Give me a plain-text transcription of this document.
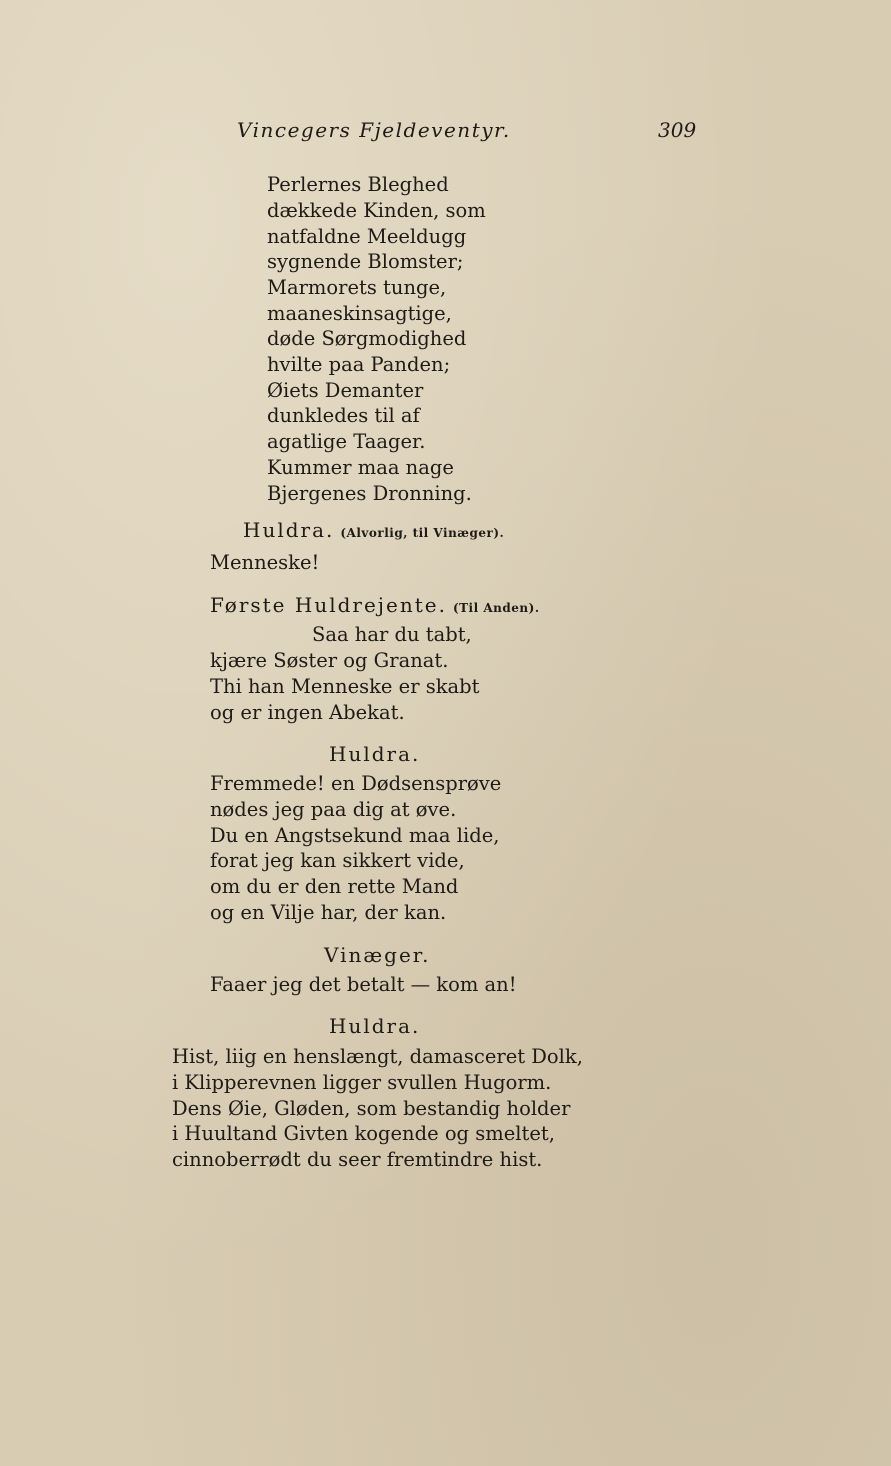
Vincegers Fjeldeventyr.	309
Perlernes Bleghed
dækkede Kinden, som
natfaldne Meeldugg
sygnende Blomster;
Marmorets tunge,
maaneskinsagtige,
døde Sørgmodighed
hvilte paa Panden;
Øiets Demanter
dunkledes til af
agatlige Taager.
Kummer maa nage
Bjergenes Dronning.
Huldra. (Alvorlig, til Vinæger).
Menneske!
Første Huldrejente. (Til Anden).
Saa har du tabt,
kjære Søster og Granat.
Thi han Menneske er skabt
og er ingen Abekat.
Huldra.
Fremmede! en Dødsensprøve
nødes jeg paa dig at øve.
Du en Angstsekund maa lide,
forat jeg kan sikkert vide,
om du er den rette Mand
og en Vilje har, der kan.
Vinæger.
Faaer jeg det betalt — kom an!
Huldra.
Hist, liig en henslængt, damasceret Dolk,
i Klipperevnen ligger svullen Hugorm.
Dens Øie, Gløden, som bestandig holder
i Huultand Givten kogende og smeltet,
cinnoberrødt du seer fremtindre hist.
